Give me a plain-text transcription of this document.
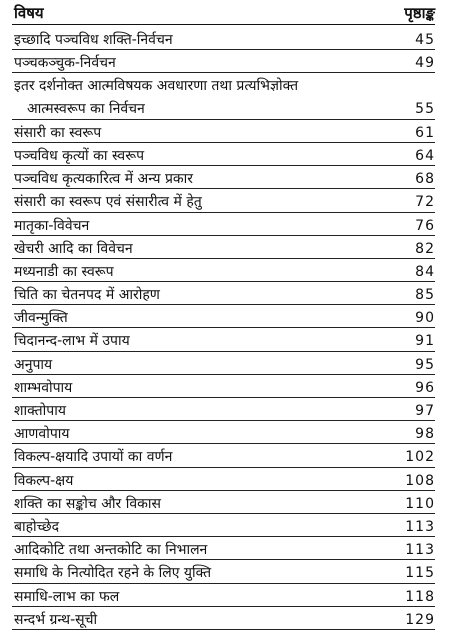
विषय	पृष्ठाङ्क
इच्छादि पञ्चविध शक्ति-निर्वचन	45
पञ्चकञ्चुक-निर्वचन	49
इतर दर्शनोक्त आत्मविषयक अवधारणा तथा प्रत्यभिज्ञोक्त
आत्मस्वरूप का निर्वचन	55
संसारी का स्वरूप	61
पञ्चविध कृत्यों का स्वरूप	64
पञ्चविध कृत्यकारित्व में अन्य प्रकार	68
संसारी का स्वरूप एवं संसारीत्व में हेतु	72
मातृका-विवेचन	76
खेचरी आदि का विवेचन	82
मध्यनाडी का स्वरूप	84
चिति का चेतनपद में आरोहण	85
जीवन्मुक्ति	90
चिदानन्द-लाभ में उपाय	91
अनुपाय	95
शाम्भवोपाय	96
शाक्तोपाय	97
आणवोपाय	98
विकल्प-क्षयादि उपायों का वर्णन	102
विकल्प-क्षय	108
शक्ति का सङ्कोच और विकास	110
बाहोच्छेद	113
आदिकोटि तथा अन्तकोटि का निभालन	113
समाधि के नित्योदित रहने के लिए युक्ति	115
समाधि-लाभ का फल	118
सन्दर्भ ग्रन्थ-सूची	129
